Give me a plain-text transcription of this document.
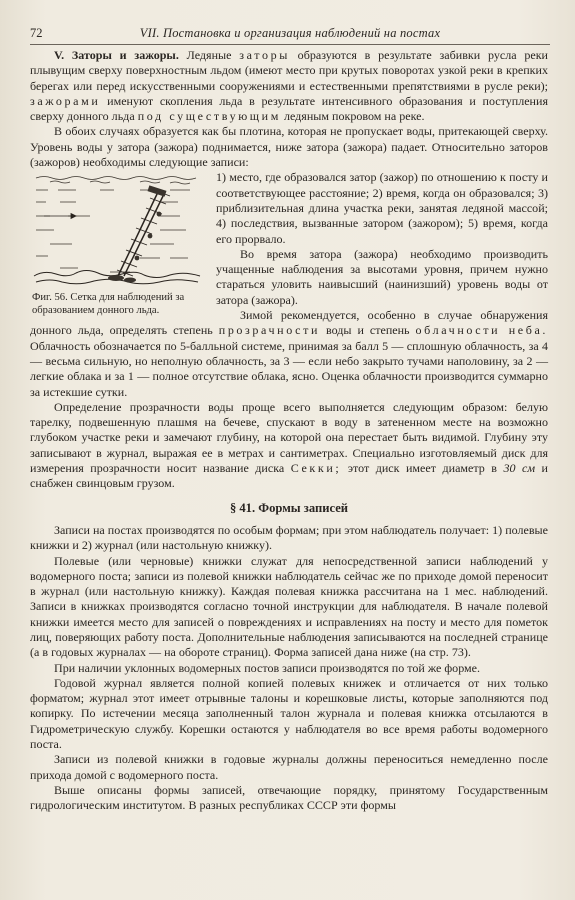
72	VII. Постановка и организация наблюдений на постах

V. Заторы и зажоры. Ледяные заторы образуются в результате забивки русла реки плывущим сверху поверхностным льдом (имеют место при крутых поворотах узкой реки в крепких берегах или перед искусственными сооружениями и естественными препятствиями в русле реки); зажорами именуют скопления льда в результате интенсивного образования и поступления сверху донного льда под существующим ледяным покровом на реке.

В обоих случаях образуется как бы плотина, которая не пропускает воды, притекающей сверху. Уровень воды у затора (зажора) поднимается, ниже затора (зажора) падает. Относительно заторов (зажоров) необходимы следующие записи:

Фиг. 56. Сетка для наблюдений за образованием донного льда.

1) место, где образовался затор (зажор) по отношению к посту и соответствующее расстояние; 2) время, когда он образовался; 3) приблизительная длина участка реки, занятая ледяной массой; 4) последствия, вызванные затором (зажором); 5) время, когда его прорвало.

Во время затора (зажора) необходимо производить учащенные наблюдения за высотами уровня, причем нужно стараться уловить наивысший (наинизший) уровень воды от затора (зажора).

Зимой рекомендуется, особенно в случае обнаружения донного льда, определять степень прозрачности воды и степень облачности неба. Облачность обозначается по 5-балльной системе, принимая за балл 5 — сплошную облачность, за 4 — весьма сильную, но неполную облачность, за 3 — если небо закрыто тучами наполовину, за 2 — легкие облака и за 1 — полное отсутствие облака, ясно. Оценка облачности производится суммарно за истекшие сутки.

Определение прозрачности воды проще всего выполняется следующим образом: белую тарелку, подвешенную плашмя на бечеве, спускают в воду в затененном месте на возможно глубоком участке реки и замечают глубину, на которой она перестает быть видимой. Глубину эту записывают в журнал, выражая ее в метрах и сантиметрах. Специально изготовляемый диск для измерения прозрачности носит название диска Секки; этот диск имеет диаметр в 30 см и снабжен свинцовым грузом.

§ 41. Формы записей

Записи на постах производятся по особым формам; при этом наблюдатель получает: 1) полевые книжки и 2) журнал (или настольную книжку).

Полевые (или черновые) книжки служат для непосредственной записи наблюдений у водомерного поста; записи из полевой книжки наблюдатель сейчас же по приходе домой переносит в журнал (или настольную книжку). Каждая полевая книжка рассчитана на 1 мес. наблюдений. Записи в книжках производятся согласно точной инструкции для наблюдателя. В начале полевой книжки имеется место для записей о повреждениях и исправлениях на посту и место для пометок лиц, поверяющих работу поста. Дополнительные наблюдения записываются на последней странице (а в годовых журналах — на обороте страниц). Форма записей дана ниже (на стр. 73).

При наличии уклонных водомерных постов записи производятся по той же форме.

Годовой журнал является полной копией полевых книжек и отличается от них только форматом; журнал этот имеет отрывные талоны и корешковые листы, которые заполняются под копирку. По истечении месяца заполненный талон журнала и полевая книжка отсылаются в Гидрометрическую службу. Корешки остаются у наблюдателя во все время работы водомерного поста.

Записи из полевой книжки в годовые журналы должны переноситься немедленно после прихода домой с водомерного поста.

Выше описаны формы записей, отвечающие порядку, принятому Государственным гидрологическим институтом. В разных республиках СССР эти формы
